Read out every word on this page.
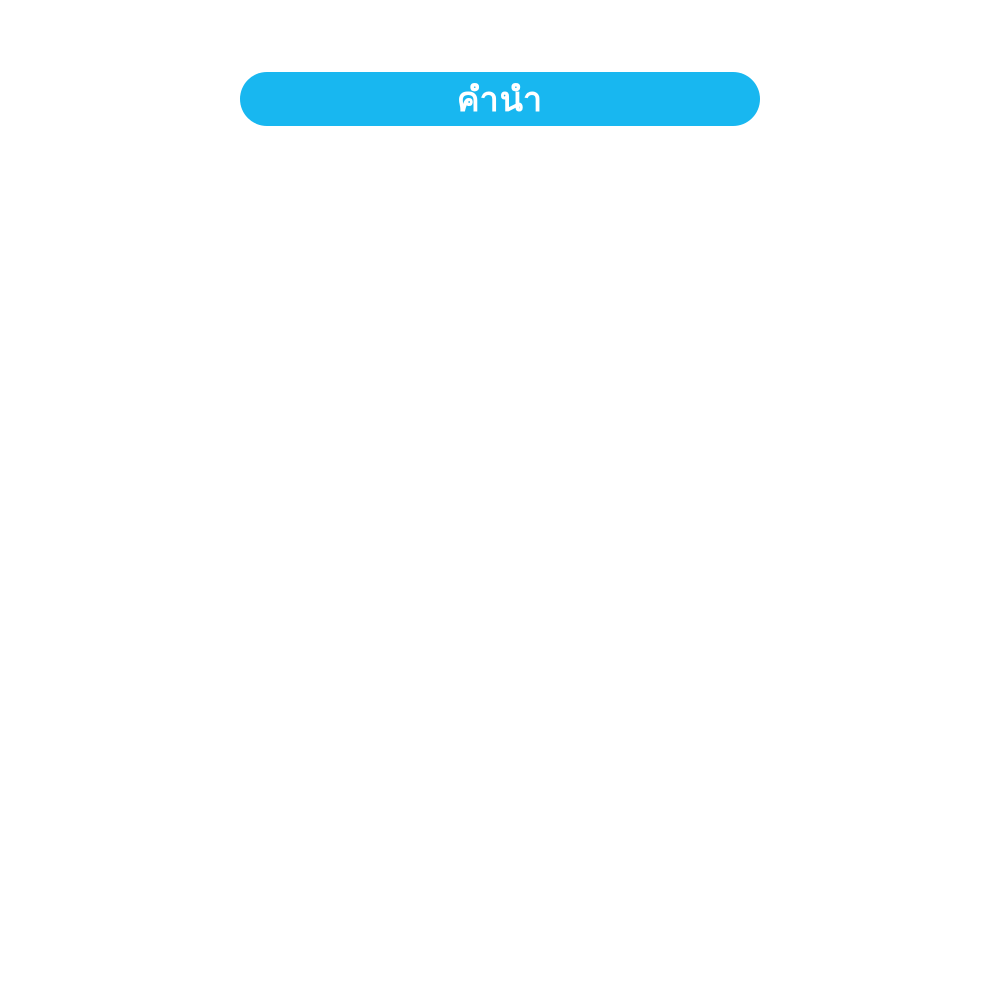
คำนำ
